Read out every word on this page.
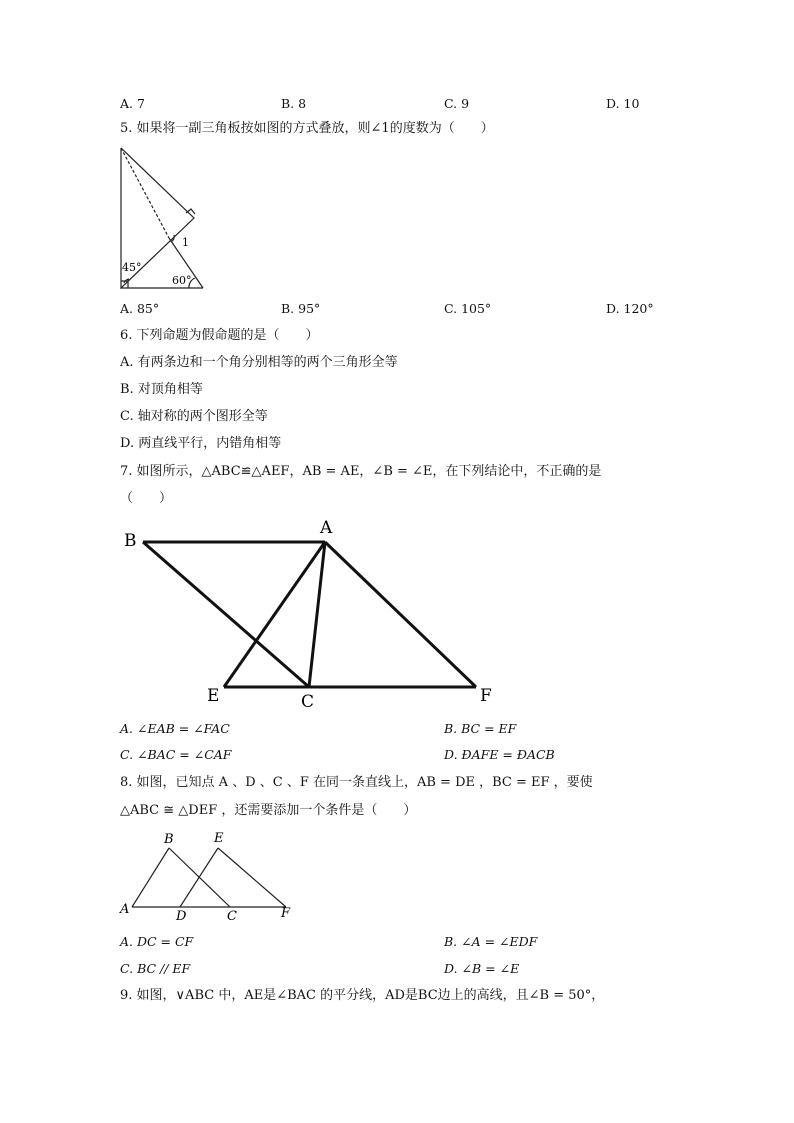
A. 7	B. 8	C. 9	D. 10
5. 如果将一副三角板按如图的方式叠放，则∠1的度数为（　　）
1
45°
60°
A. 85°	B. 95°	C. 105°	D. 120°
6. 下列命题为假命题的是（　　）
A. 有两条边和一个角分别相等的两个三角形全等
B. 对顶角相等
C. 轴对称的两个图形全等
D. 两直线平行，内错角相等
7. 如图所示，△ABC≌△AEF，AB = AE，∠B = ∠E，在下列结论中，不正确的是
（　　）
A
B
C
E	F
A. ∠EAB = ∠FAC	B. BC = EF
C. ∠BAC = ∠CAF	D. ĐAFE = ĐACB
8. 如图，已知点 A 、D 、C 、F 在同一条直线上，AB = DE ，BC = EF ，要使
△ABC ≅ △DEF ，还需要添加一个条件是（　　）
B	E
A	D	C	F
A. DC = CF	B. ∠A = ∠EDF
C. BC // EF	D. ∠B = ∠E
9. 如图，∨ABC 中，AE是∠BAC 的平分线，AD是BC边上的高线，且∠B = 50°，
